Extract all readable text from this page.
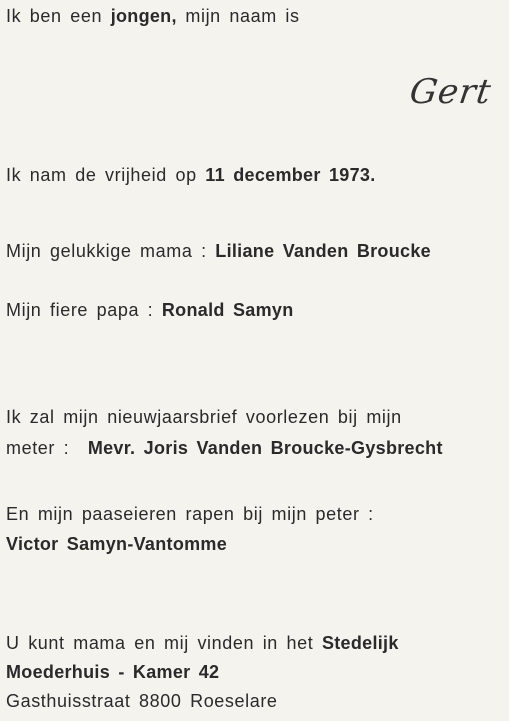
Ik ben een jongen, mijn naam is
Gert
Ik nam de vrijheid op 11 december 1973.
Mijn gelukkige mama : Liliane Vanden Broucke
Mijn fiere papa : Ronald Samyn
Ik zal mijn nieuwjaarsbrief voorlezen bij mijn
meter : Mevr. Joris Vanden Broucke-Gysbrecht
En mijn paaseieren rapen bij mijn peter :
Victor Samyn-Vantomme
U kunt mama en mij vinden in het Stedelijk
Moederhuis - Kamer 42
Gasthuisstraat 8800 Roeselare
